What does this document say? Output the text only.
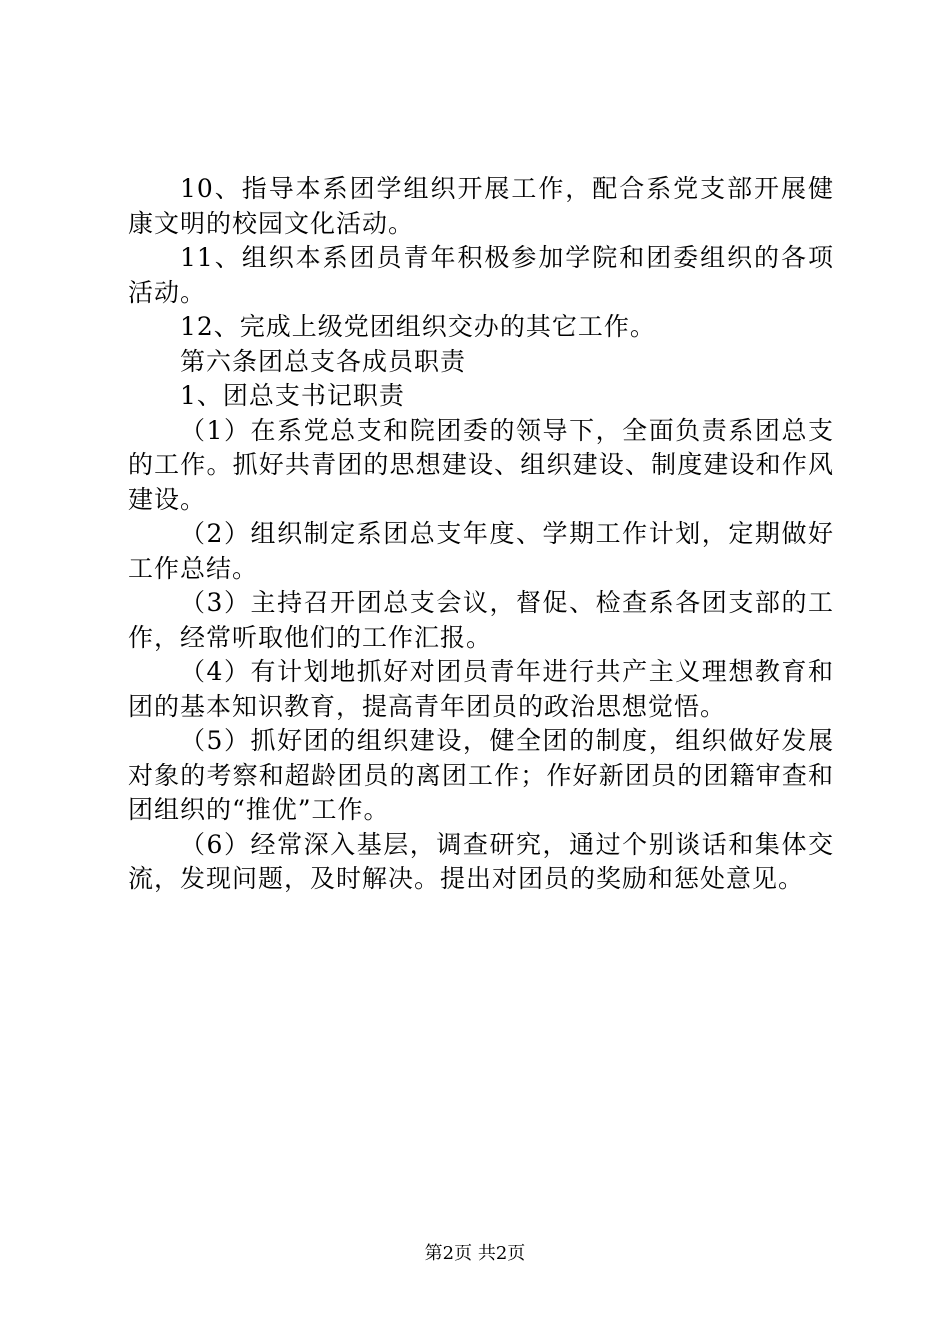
10、指导本系团学组织开展工作，配合系党支部开展健康文明的校园文化活动。

11、组织本系团员青年积极参加学院和团委组织的各项活动。

12、完成上级党团组织交办的其它工作。

第六条团总支各成员职责

1、团总支书记职责

（1）在系党总支和院团委的领导下，全面负责系团总支的工作。抓好共青团的思想建设、组织建设、制度建设和作风建设。

（2）组织制定系团总支年度、学期工作计划，定期做好工作总结。

（3）主持召开团总支会议，督促、检查系各团支部的工作，经常听取他们的工作汇报。

（4）有计划地抓好对团员青年进行共产主义理想教育和团的基本知识教育，提高青年团员的政治思想觉悟。

（5）抓好团的组织建设，健全团的制度，组织做好发展对象的考察和超龄团员的离团工作；作好新团员的团籍审查和团组织的“推优”工作。

（6）经常深入基层，调查研究，通过个别谈话和集体交流，发现问题，及时解决。提出对团员的奖励和惩处意见。

第2页 共2页
